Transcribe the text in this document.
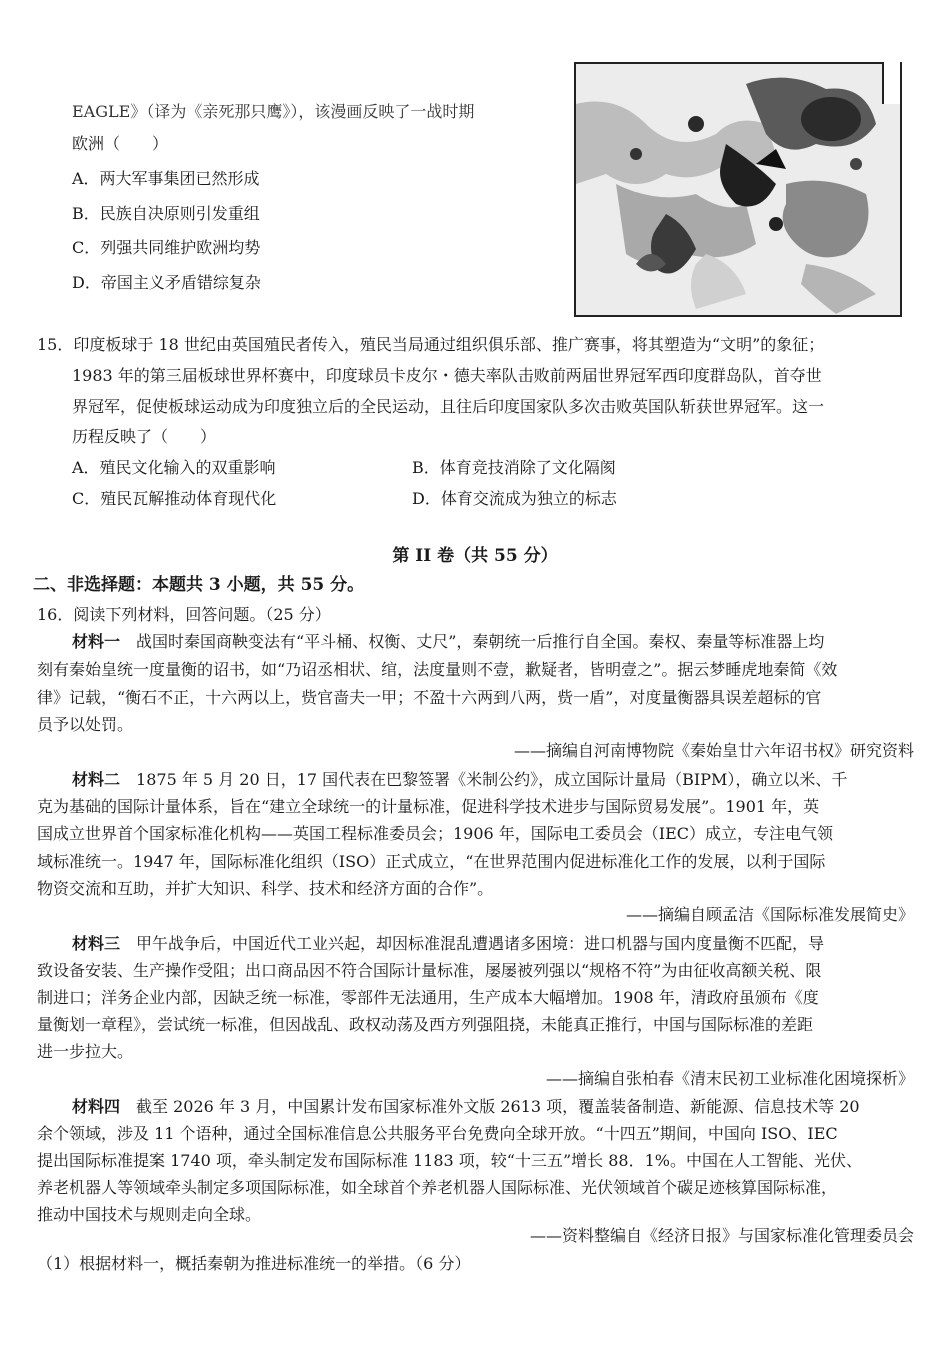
EAGLE》（译为《亲死那只鹰》），该漫画反映了一战时期
欧洲（　　）
A．两大军事集团已然形成
B．民族自决原则引发重组
C．列强共同维护欧洲均势
D．帝国主义矛盾错综复杂
15．印度板球于 18 世纪由英国殖民者传入，殖民当局通过组织俱乐部、推广赛事，将其塑造为“文明”的象征；
1983 年的第三届板球世界杯赛中，印度球员卡皮尔・德夫率队击败前两届世界冠军西印度群岛队，首夺世
界冠军，促使板球运动成为印度独立后的全民运动，且往后印度国家队多次击败英国队斩获世界冠军。这一
历程反映了（　　）
A．殖民文化输入的双重影响	B．体育竞技消除了文化隔阂
C．殖民瓦解推动体育现代化	D．体育交流成为独立的标志
第 II 卷（共 55 分）
二、非选择题：本题共 3 小题，共 55 分。
16．阅读下列材料，回答问题。（25 分）
材料一　 战国时秦国商鞅变法有“平斗桶、权衡、丈尺”，秦朝统一后推行自全国。秦权、秦量等标准器上均
刻有秦始皇统一度量衡的诏书，如“乃诏丞相状、绾，法度量则不壹，歉疑者，皆明壹之”。据云梦睡虎地秦简《效
律》记载，“衡石不正，十六两以上，赀官啬夫一甲；不盈十六两到八两，赀一盾”，对度量衡器具误差超标的官
员予以处罚。
——摘编自河南博物院《秦始皇廿六年诏书权》研究资料
材料二　 1875 年 5 月 20 日，17 国代表在巴黎签署《米制公约》，成立国际计量局（BIPM），确立以米、千
克为基础的国际计量体系，旨在“建立全球统一的计量标准，促进科学技术进步与国际贸易发展”。1901 年，英
国成立世界首个国家标准化机构——英国工程标准委员会；1906 年，国际电工委员会（IEC）成立，专注电气领
域标准统一。1947 年，国际标准化组织（ISO）正式成立，“在世界范围内促进标准化工作的发展，以利于国际
物资交流和互助，并扩大知识、科学、技术和经济方面的合作”。
——摘编自顾孟洁《国际标准发展简史》
材料三　 甲午战争后，中国近代工业兴起，却因标准混乱遭遇诸多困境：进口机器与国内度量衡不匹配，导
致设备安装、生产操作受阻；出口商品因不符合国际计量标准，屡屡被列强以“规格不符”为由征收高额关税、限
制进口；洋务企业内部，因缺乏统一标准，零部件无法通用，生产成本大幅增加。1908 年，清政府虽颁布《度
量衡划一章程》，尝试统一标准，但因战乱、政权动荡及西方列强阻挠，未能真正推行，中国与国际标准的差距
进一步拉大。
——摘编自张柏春《清末民初工业标准化困境探析》
材料四　 截至 2026 年 3 月，中国累计发布国家标准外文版 2613 项，覆盖装备制造、新能源、信息技术等 20
余个领域，涉及 11 个语种，通过全国标准信息公共服务平台免费向全球开放。“十四五”期间，中国向 ISO、IEC
提出国际标准提案 1740 项，牵头制定发布国际标准 1183 项，较“十三五”增长 88．1%。中国在人工智能、光伏、
养老机器人等领域牵头制定多项国际标准，如全球首个养老机器人国际标准、光伏领域首个碳足迹核算国际标准，
推动中国技术与规则走向全球。
——资料整编自《经济日报》与国家标准化管理委员会
（1）根据材料一，概括秦朝为推进标准统一的举措。（6 分）
